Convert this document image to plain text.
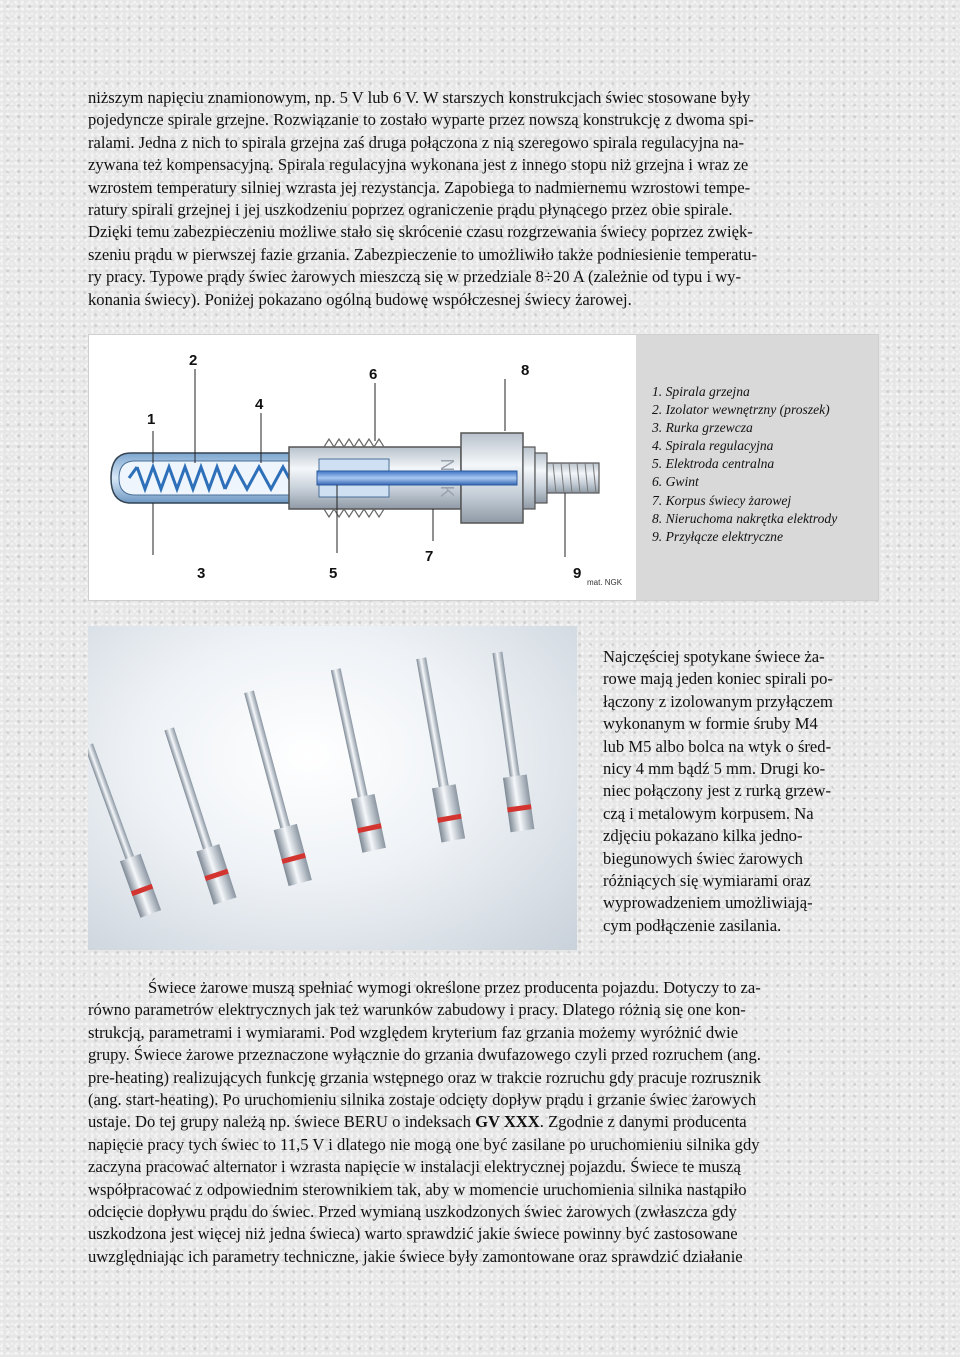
niższym napięciu znamionowym, np. 5 V lub 6 V. W starszych konstrukcjach świec stosowane były
pojedyncze spirale grzejne. Rozwiązanie to zostało wyparte przez nowszą konstrukcję z dwoma spi-
ralami. Jedna z nich to spirala grzejna zaś druga połączona z nią szeregowo spirala regulacyjna na-
zywana też kompensacyjną. Spirala regulacyjna wykonana jest z innego stopu niż grzejna i wraz ze
wzrostem temperatury silniej wzrasta jej rezystancja. Zapobiega to nadmiernemu wzrostowi tempe-
ratury spirali grzejnej i jej uszkodzeniu poprzez ograniczenie prądu płynącego przez obie spirale.
Dzięki temu zabezpieczeniu możliwe stało się skrócenie czasu rozgrzewania świecy poprzez zwięk-
szeniu prądu w pierwszej fazie grzania. Zabezpieczenie to umożliwiło także podniesienie temperatu-
ry pracy. Typowe prądy świec żarowych mieszczą się w przedziale 8÷20 A (zależnie od typu i wy-
konania świecy). Poniżej pokazano ogólną budowę współczesnej świecy żarowej.
1
2
3
4
5
6
7
8
9
mat. NGK
1. Spirala grzejna
2. Izolator wewnętrzny (proszek)
3. Rurka grzewcza
4. Spirala regulacyjna
5. Elektroda centralna
6. Gwint
7. Korpus świecy żarowej
8. Nieruchoma nakrętka elektrody
9. Przyłącze elektryczne
Najczęściej spotykane świece ża-
rowe mają jeden koniec spirali po-
łączony z izolowanym przyłączem
wykonanym w formie śruby M4
lub M5 albo bolca na wtyk o śred-
nicy 4 mm bądź 5 mm. Drugi ko-
niec połączony jest z rurką grzew-
czą i metalowym korpusem. Na
zdjęciu pokazano kilka jedno-
biegunowych świec żarowych
różniących się wymiarami oraz
wyprowadzeniem umożliwiają-
cym podłączenie zasilania.
Świece żarowe muszą spełniać wymogi określone przez producenta pojazdu. Dotyczy to za-
równo parametrów elektrycznych jak też warunków zabudowy i pracy. Dlatego różnią się one kon-
strukcją, parametrami i wymiarami. Pod względem kryterium faz grzania możemy wyróżnić dwie
grupy. Świece żarowe przeznaczone wyłącznie do grzania dwufazowego czyli przed rozruchem (ang.
pre-heating) realizujących funkcję grzania wstępnego oraz w trakcie rozruchu gdy pracuje rozrusznik
(ang. start-heating). Po uruchomieniu silnika zostaje odcięty dopływ prądu i grzanie świec żarowych
ustaje. Do tej grupy należą np. świece BERU o indeksach GV XXX. Zgodnie z danymi producenta
napięcie pracy tych świec to 11,5 V i dlatego nie mogą one być zasilane po uruchomieniu silnika gdy
zaczyna pracować alternator i wzrasta napięcie w instalacji elektrycznej pojazdu. Świece te muszą
współpracować z odpowiednim sterownikiem tak, aby w momencie uruchomienia silnika nastąpiło
odcięcie dopływu prądu do świec. Przed wymianą uszkodzonych świec żarowych (zwłaszcza gdy
uszkodzona jest więcej niż jedna świeca) warto sprawdzić jakie świece powinny być zastosowane
uwzględniając ich parametry techniczne, jakie świece były zamontowane oraz sprawdzić działanie
